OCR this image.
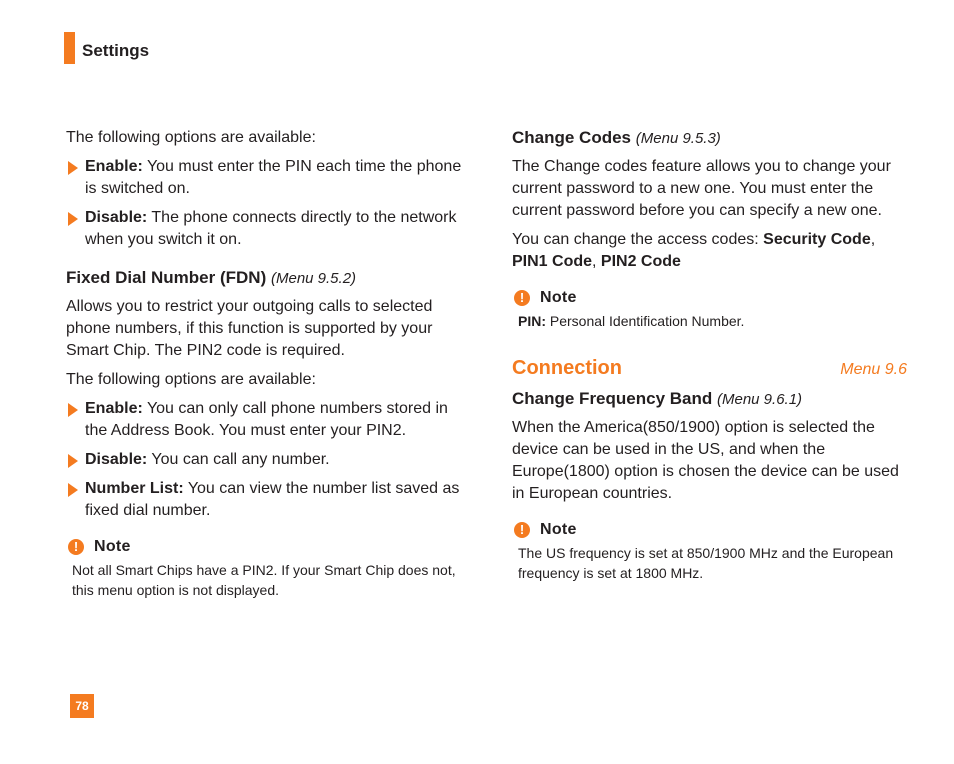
Settings

The following options are available:

Enable: You must enter the PIN each time the phone is switched on.
Disable: The phone connects directly to the network when you switch it on.
Fixed Dial Number (FDN) (Menu 9.5.2)

Allows you to restrict your outgoing calls to selected phone numbers, if this function is supported by your Smart Chip. The PIN2 code is required.

The following options are available:

Enable: You can only call phone numbers stored in the Address Book. You must enter your PIN2.
Disable: You can call any number.
Number List: You can view the number list saved as fixed dial number.
! Note
Not all Smart Chips have a PIN2. If your Smart Chip does not, this menu option is not displayed.
Change Codes (Menu 9.5.3)

The Change codes feature allows you to change your current password to a new one. You must enter the current password before you can specify a new one.

You can change the access codes: Security Code,
PIN1 Code, PIN2 Code

! Note
PIN: Personal Identification Number.
Connection	Menu 9.6
Change Frequency Band (Menu 9.6.1)

When the America(850/1900) option is selected the device can be used in the US, and when the Europe(1800) option is chosen the device can be used in European countries.

! Note
The US frequency is set at 850/1900 MHz and the European frequency is set at 1800 MHz.
78
